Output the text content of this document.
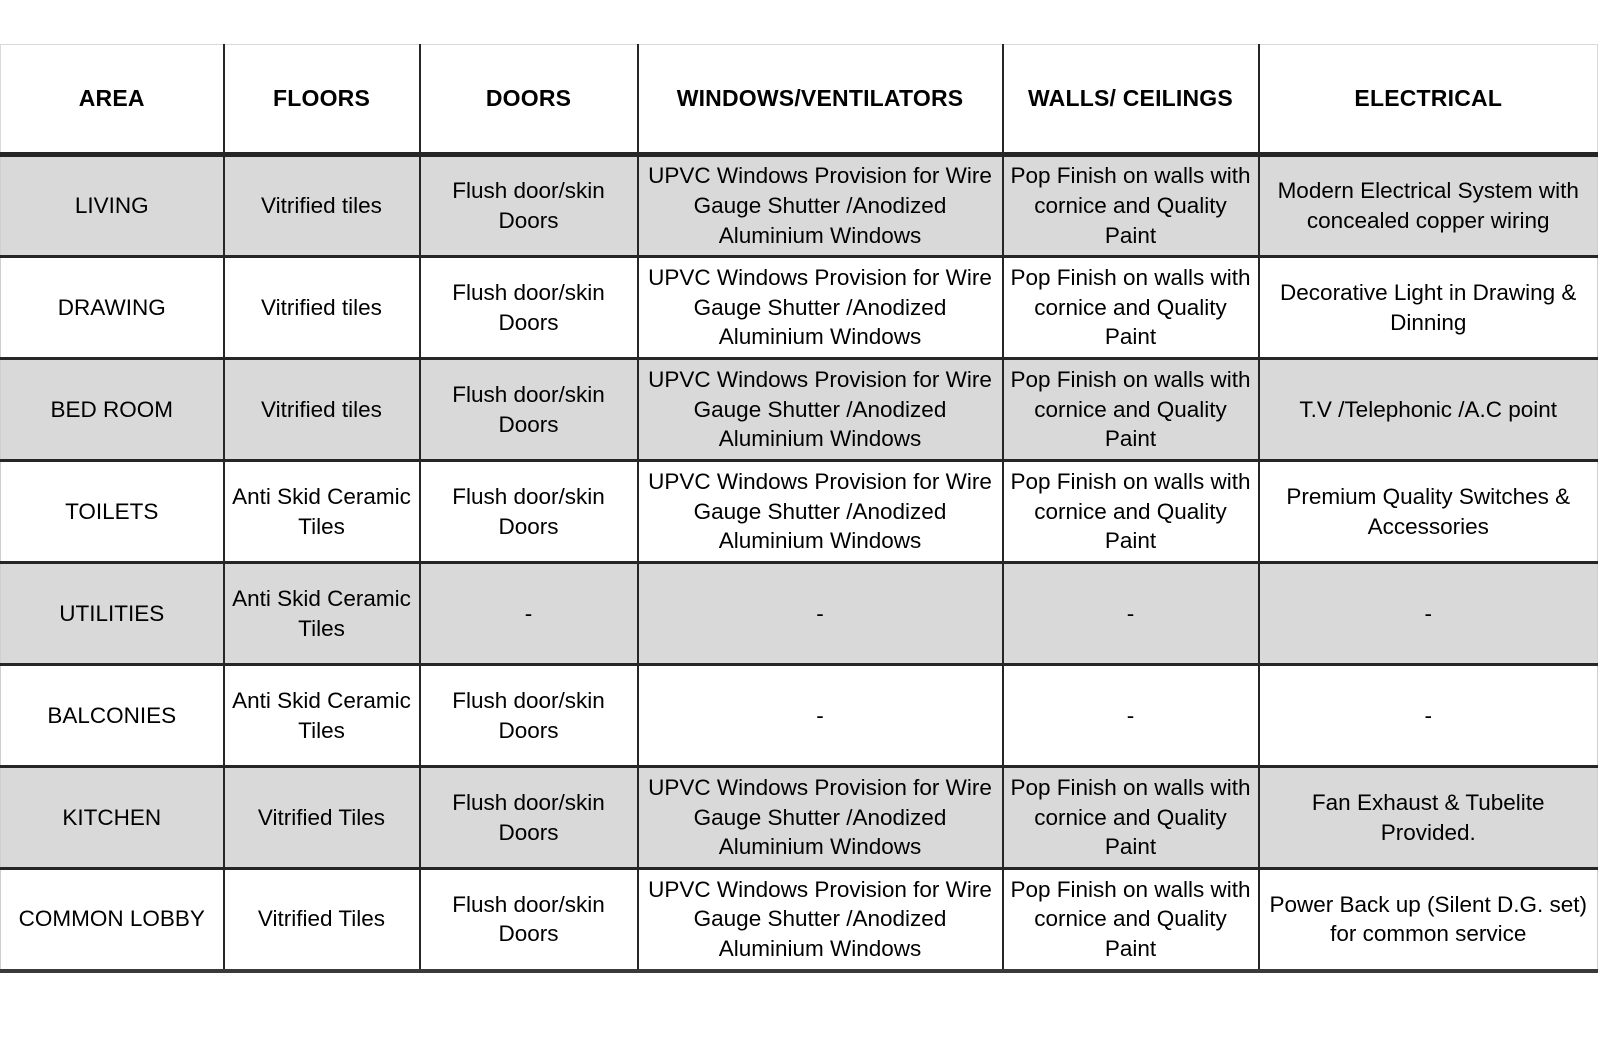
AREA	FLOORS	DOORS	WINDOWS/VENTILATORS	WALLS/ CEILINGS	ELECTRICAL
LIVING	Vitrified tiles	Flush door/skin Doors	UPVC Windows Provision for Wire Gauge Shutter /Anodized Aluminium Windows	Pop Finish on walls with cornice and Quality Paint	Modern Electrical System with concealed copper wiring
DRAWING	Vitrified tiles	Flush door/skin Doors	UPVC Windows Provision for Wire Gauge Shutter /Anodized Aluminium Windows	Pop Finish on walls with cornice and Quality Paint	Decorative Light in Drawing & Dinning
BED ROOM	Vitrified tiles	Flush door/skin Doors	UPVC Windows Provision for Wire Gauge Shutter /Anodized Aluminium Windows	Pop Finish on walls with cornice and Quality Paint	T.V /Telephonic /A.C point
TOILETS	Anti Skid Ceramic Tiles	Flush door/skin Doors	UPVC Windows Provision for Wire Gauge Shutter /Anodized Aluminium Windows	Pop Finish on walls with cornice and Quality Paint	Premium Quality Switches & Accessories
UTILITIES	Anti Skid Ceramic Tiles	-	-	-	-
BALCONIES	Anti Skid Ceramic Tiles	Flush door/skin Doors	-	-	-
KITCHEN	Vitrified Tiles	Flush door/skin Doors	UPVC Windows Provision for Wire Gauge Shutter /Anodized Aluminium Windows	Pop Finish on walls with cornice and Quality Paint	Fan Exhaust & Tubelite Provided.
COMMON LOBBY	Vitrified Tiles	Flush door/skin Doors	UPVC Windows Provision for Wire Gauge Shutter /Anodized Aluminium Windows	Pop Finish on walls with cornice and Quality Paint	Power Back up (Silent D.G. set) for common service
